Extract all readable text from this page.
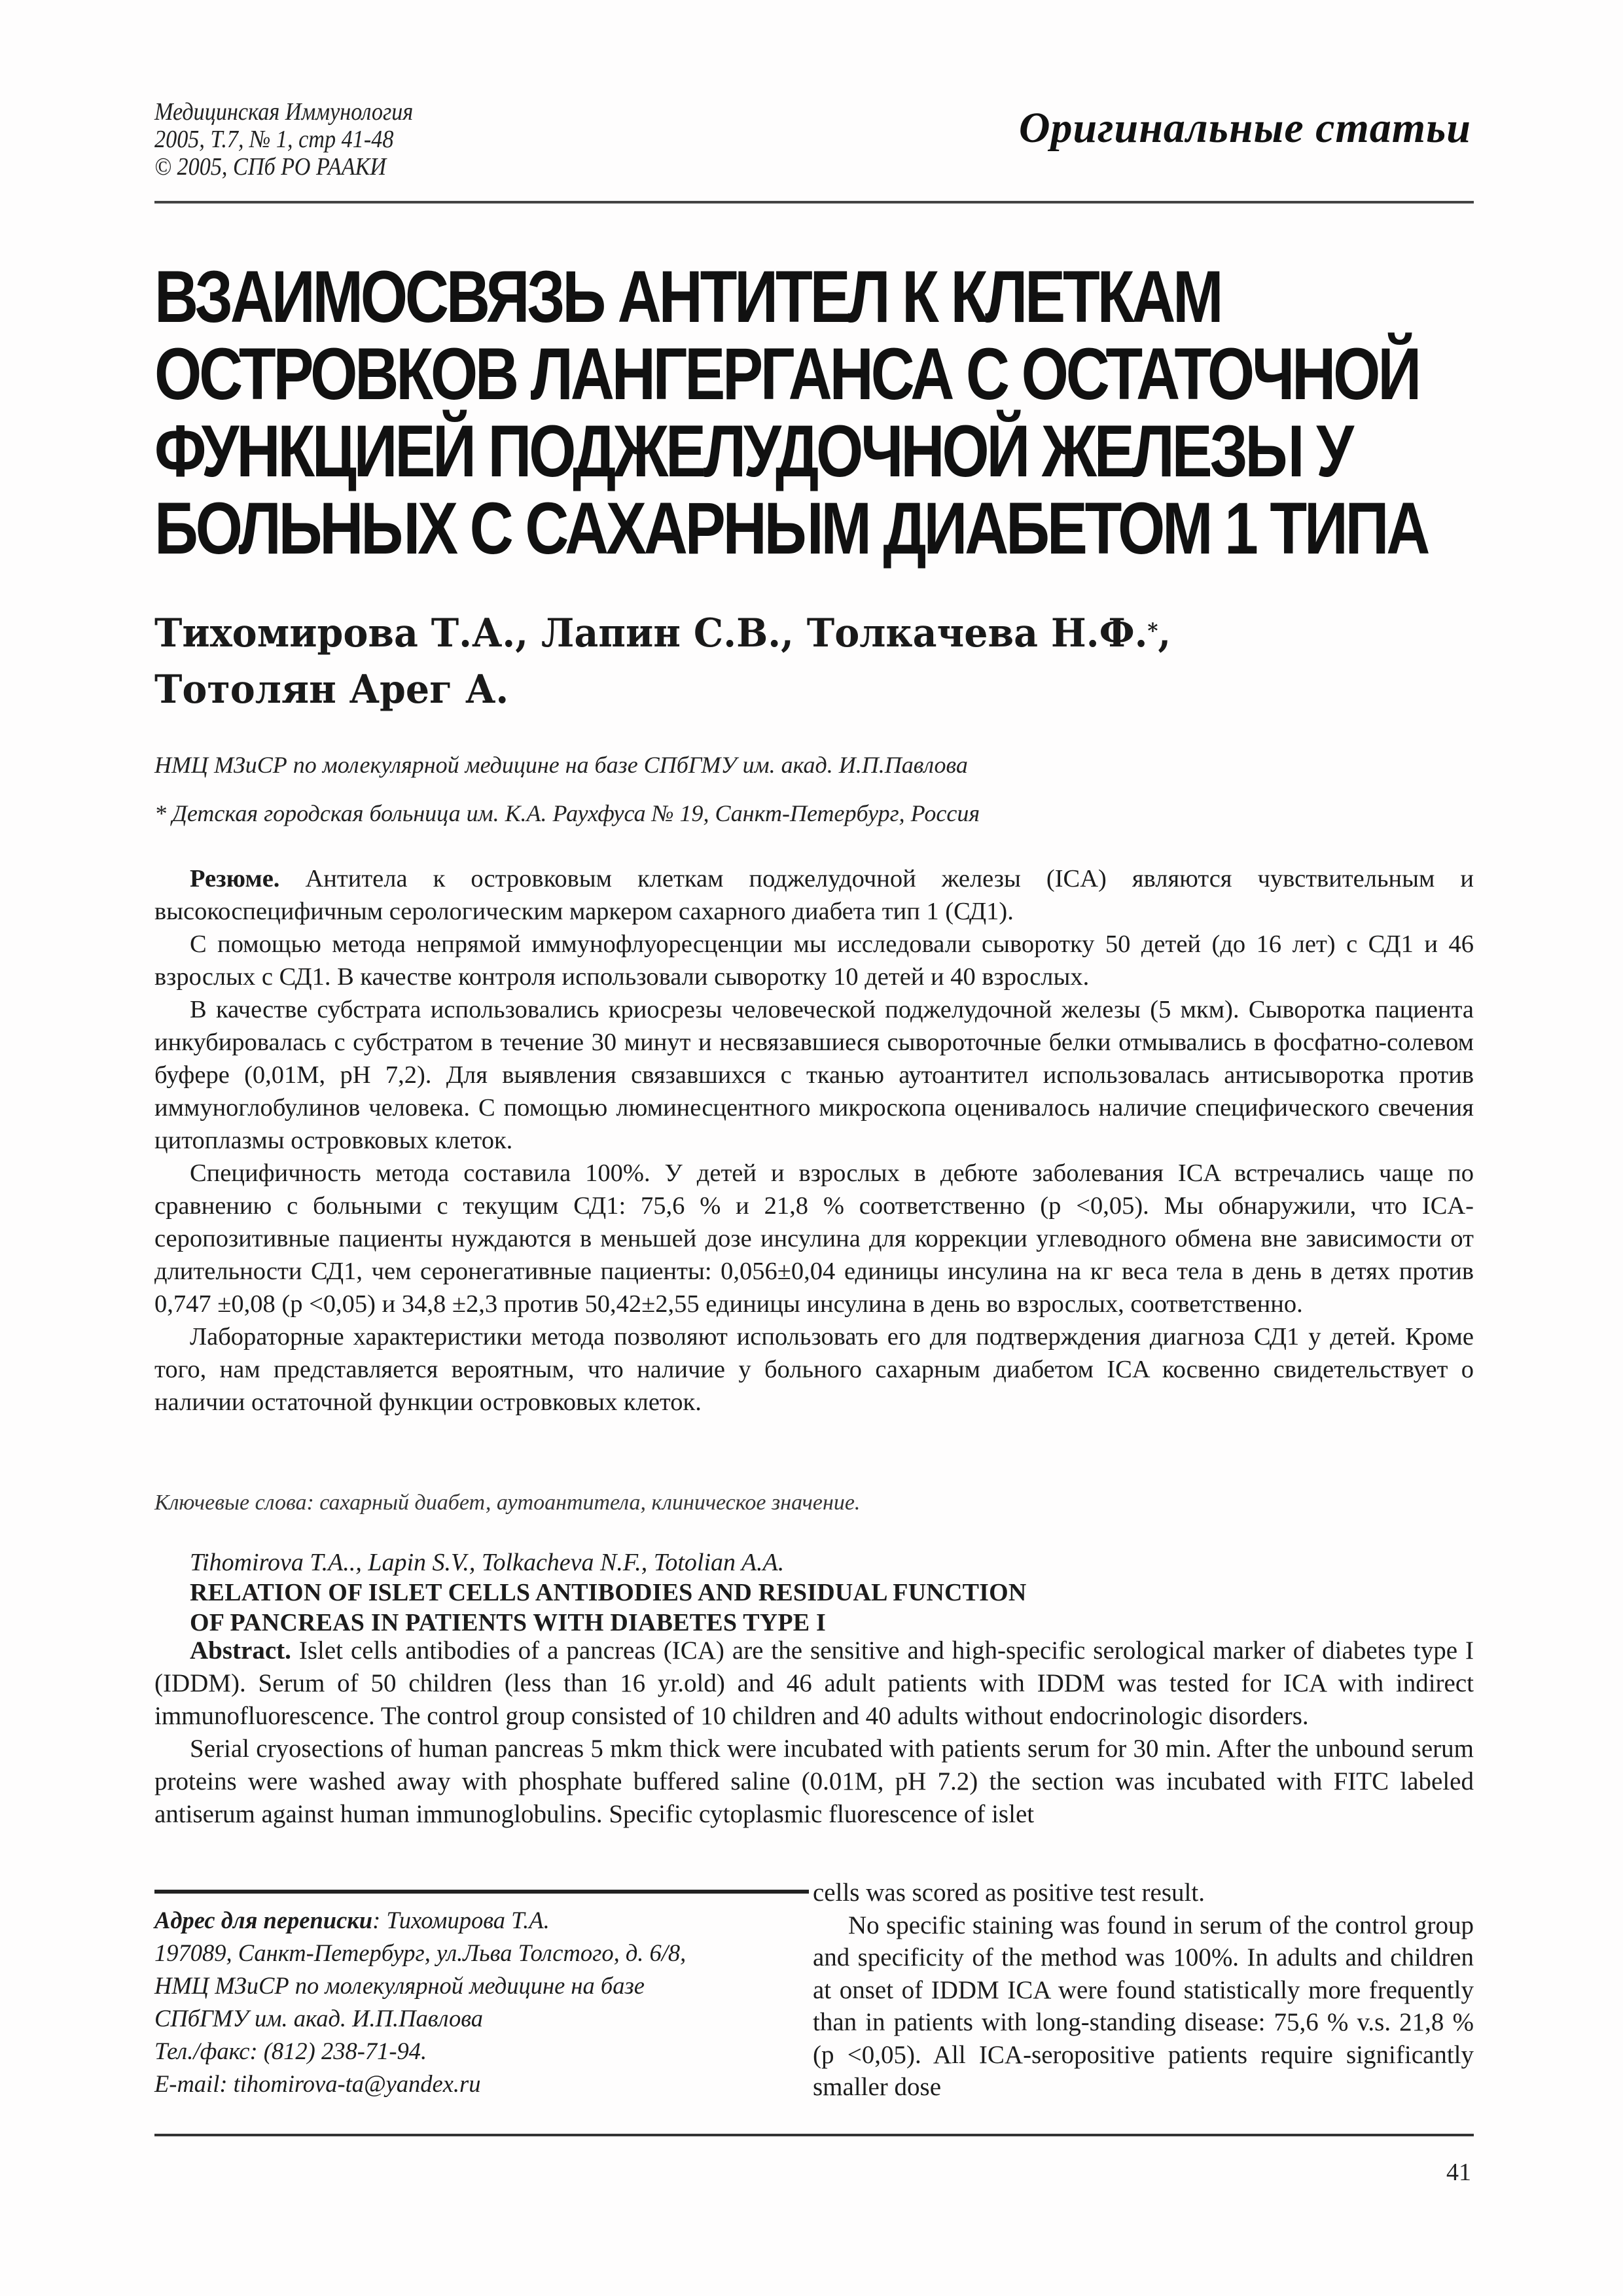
Медицинская Иммунология
2005, Т.7, № 1, стр 41-48
© 2005, СПб РО РААКИ
Оригинальные статьи
ВЗАИМОСВЯЗЬ АНТИТЕЛ К КЛЕТКАМ
ОСТРОВКОВ ЛАНГЕРГАНСА С ОСТАТОЧНОЙ
ФУНКЦИЕЙ ПОДЖЕЛУДОЧНОЙ ЖЕЛЕЗЫ У
БОЛЬНЫХ С САХАРНЫМ ДИАБЕТОМ 1 ТИПА
Тихомирова Т.А., Лапин С.В., Толкачева Н.Ф.*,
Тотолян Арег А.
НМЦ МЗиСР по молекулярной медицине на базе СПбГМУ им. акад. И.П.Павлова
* Детская городская больница им. К.А. Раухфуса № 19, Санкт-Петербург, Россия

Резюме. Антитела к островковым клеткам поджелудочной железы (ICA) являются чувствительным и высокоспецифичным серологическим маркером сахарного диабета тип 1 (СД1).

С помощью метода непрямой иммунофлуоресценции мы исследовали сыворотку 50 детей (до 16 лет) с СД1 и 46 взрослых с СД1. В качестве контроля использовали сыворотку 10 детей и 40 взрослых.

В качестве субстрата использовались криосрезы человеческой поджелудочной железы (5 мкм). Сыворотка пациента инкубировалась с субстратом в течение 30 минут и несвязавшиеся сывороточные белки отмывались в фосфатно-солевом буфере (0,01М, pH 7,2). Для выявления связавшихся с тканью аутоантител использовалась антисыворотка против иммуноглобулинов человека. С помощью люминесцентного микроскопа оценивалось наличие специфического свечения цитоплазмы островковых клеток.

Специфичность метода составила 100%. У детей и взрослых в дебюте заболевания ICA встречались чаще по сравнению с больными с текущим СД1: 75,6 % и 21,8 % соответственно (p <0,05). Мы обнаружили, что ICA-серопозитивные пациенты нуждаются в меньшей дозе инсулина для коррекции углеводного обмена вне зависимости от длительности СД1, чем серонегативные пациенты: 0,056±0,04 единицы инсулина на кг веса тела в день в детях против 0,747 ±0,08 (p <0,05) и 34,8 ±2,3 против 50,42±2,55 единицы инсулина в день во взрослых, соответственно.

Лабораторные характеристики метода позволяют использовать его для подтверждения диагноза СД1 у детей. Кроме того, нам представляется вероятным, что наличие у больного сахарным диабетом ICA косвенно свидетельствует о наличии остаточной функции островковых клеток.

Ключевые слова: сахарный диабет, аутоантитела, клиническое значение.
Tihomirova T.A.., Lapin S.V., Tolkacheva N.F., Totolian A.A.
RELATION OF ISLET CELLS ANTIBODIES AND RESIDUAL FUNCTION
OF PANCREAS IN PATIENTS WITH DIABETES TYPE I

Abstract. Islet cells antibodies of a pancreas (ICA) are the sensitive and high-specific serological marker of diabetes type I (IDDM). Serum of 50 children (less than 16 yr.old) and 46 adult patients with IDDM was tested for ICA with indirect immunofluorescence. The control group consisted of 10 children and 40 adults without endocrinologic disorders.

Serial cryosections of human pancreas 5 mkm thick were incubated with patients serum for 30 min. After the unbound serum proteins were washed away with phosphate buffered saline (0.01M, pH 7.2) the section was incubated with FITC labeled antiserum against human immunoglobulins. Specific cytoplasmic fluorescence of islet

cells was scored as positive test result.

No specific staining was found in serum of the control group and specificity of the method was 100%. In adults and children at onset of IDDM ICA were found statistically more frequently than in patients with long-standing disease: 75,6 % v.s. 21,8 % (p <0,05). All ICA-seropositive patients require significantly smaller dose

Адрес для переписки: Тихомирова Т.А.
197089, Санкт-Петербург, ул.Льва Толстого, д. 6/8,
НМЦ МЗиСР по молекулярной медицине на базе
СПбГМУ им. акад. И.П.Павлова
Тел./факс: (812) 238-71-94.
E-mail: tihomirova-ta@yandex.ru
41
